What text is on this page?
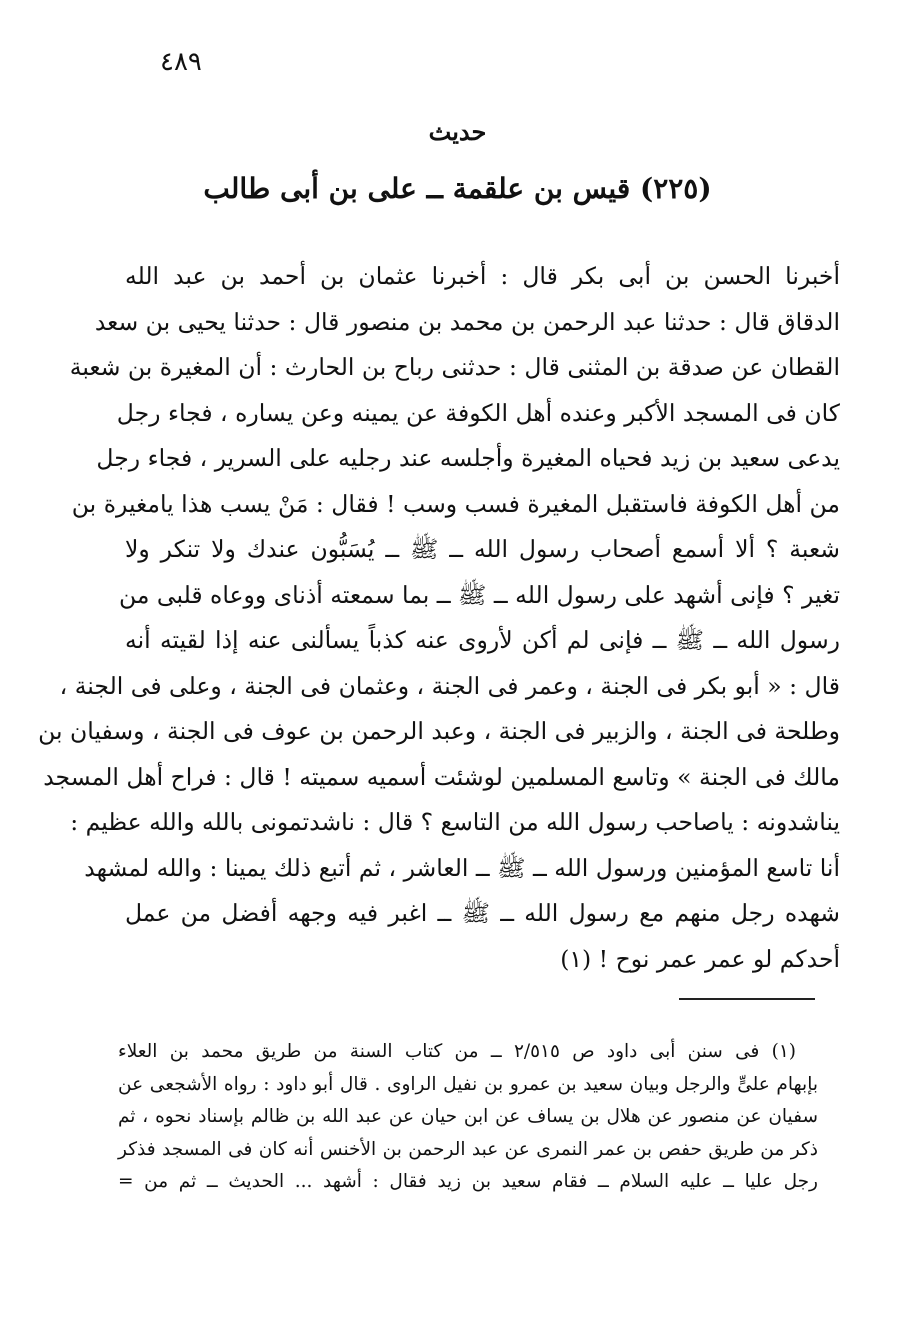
٤٨٩
حديث
(٢٢٥) قيس بن علقمة ــ على بن أبى طالب
أخبرنا الحسن بن أبى بكر قال : أخبرنا عثمان بن أحمد بن عبد الله
الدقاق قال : حدثنا عبد الرحمن بن محمد بن منصور قال : حدثنا يحيى بن سعد
القطان عن صدقة بن المثنى قال : حدثنى رباح بن الحارث : أن المغيرة بن شعبة
كان فى المسجد الأكبر وعنده أهل الكوفة عن يمينه وعن يساره ، فجاء رجل
يدعى سعيد بن زيد فحياه المغيرة وأجلسه عند رجليه على السرير ، فجاء رجل
من أهل الكوفة فاستقبل المغيرة فسب وسب ! فقال : مَنْ يسب هذا يامغيرة بن
شعبة ؟ ألا أسمع أصحاب رسول الله ــ ﷺ ــ يُسَبُّون عندك ولا تنكر ولا
تغير ؟ فإنى أشهد على رسول الله ــ ﷺ ــ بما سمعته أذناى ووعاه قلبى من
رسول الله ــ ﷺ ــ فإنى لم أكن لأروى عنه كذباً يسألنى عنه إذا لقيته أنه
قال : « أبو بكر فى الجنة ، وعمر فى الجنة ، وعثمان فى الجنة ، وعلى فى الجنة ،
وطلحة فى الجنة ، والزبير فى الجنة ، وعبد الرحمن بن عوف فى الجنة ، وسفيان بن
مالك فى الجنة » وتاسع المسلمين لوشئت أسميه سميته ! قال : فراح أهل المسجد
يناشدونه : ياصاحب رسول الله من التاسع ؟ قال : ناشدتمونى بالله والله عظيم :
أنا تاسع المؤمنين ورسول الله ــ ﷺ ــ العاشر ، ثم أتبع ذلك يمينا : والله لمشهد
شهده رجل منهم مع رسول الله ــ ﷺ ــ اغبر فيه وجهه أفضل من عمل
أحدكم لو عمر عمر نوح ! (١)
(١) فى سنن أبى داود ص ٢/٥١٥ ــ من كتاب السنة من طريق محمد بن العلاء
بإبهام علىٍّ والرجل وبيان سعيد بن عمرو بن نفيل الراوى . قال أبو داود : رواه الأشجعى عن
سفيان عن منصور عن هلال بن يساف عن ابن حيان عن عبد الله بن ظالم بإسناد نحوه ، ثم
ذكر من طريق حفص بن عمر النمرى عن عبد الرحمن بن الأخنس أنه كان فى المسجد فذكر
رجل عليا ــ عليه السلام ــ فقام سعيد بن زيد فقال : أشهد ... الحديث ــ ثم من =
